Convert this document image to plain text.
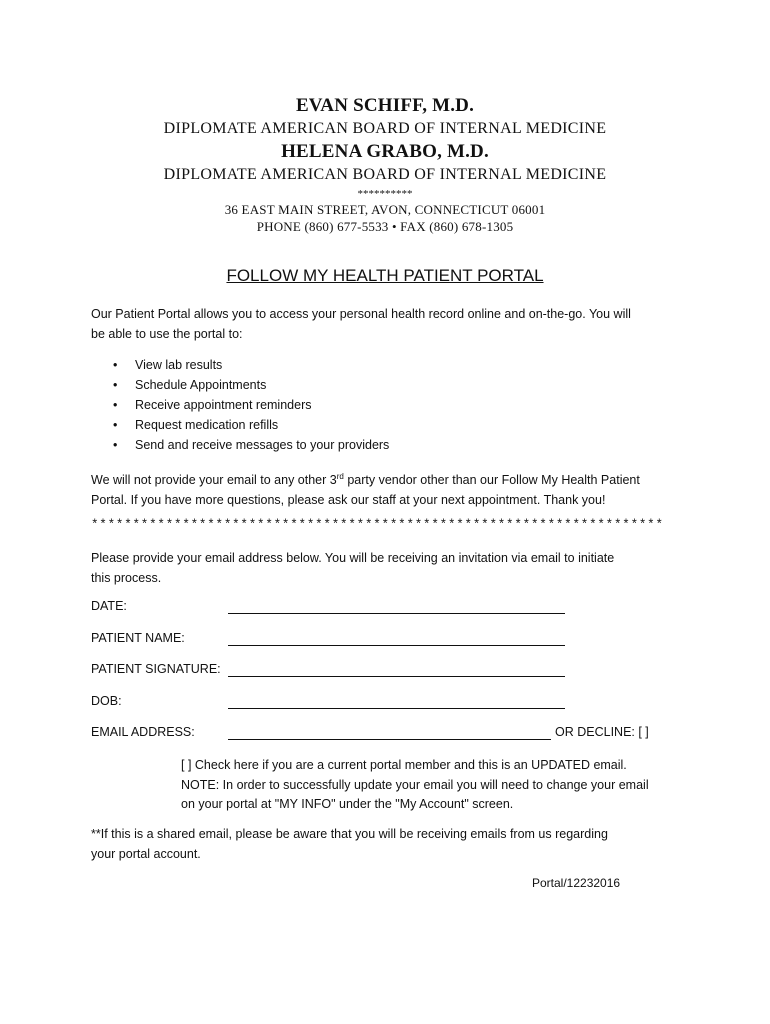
EVAN SCHIFF, M.D.
DIPLOMATE AMERICAN BOARD OF INTERNAL MEDICINE
HELENA GRABO, M.D.
DIPLOMATE AMERICAN BOARD OF INTERNAL MEDICINE
**********
36 EAST MAIN STREET, AVON, CONNECTICUT 06001
PHONE (860) 677-5533 • FAX (860) 678-1305
FOLLOW MY HEALTH PATIENT PORTAL
Our Patient Portal allows you to access your personal health record online and on-the-go. You will
be able to use the portal to:
• View lab results
• Schedule Appointments
• Receive appointment reminders
• Request medication refills
• Send and receive messages to your providers
We will not provide your email to any other 3rd party vendor other than our Follow My Health Patient
Portal. If you have more questions, please ask our staff at your next appointment. Thank you!
*********************************************************************
Please provide your email address below. You will be receiving an invitation via email to initiate
this process.
DATE:
PATIENT NAME:
PATIENT SIGNATURE:
DOB:
EMAIL ADDRESS:	OR DECLINE: [ ]
[ ] Check here if you are a current portal member and this is an UPDATED email.
NOTE: In order to successfully update your email you will need to change your email
on your portal at "MY INFO" under the "My Account" screen.
**If this is a shared email, please be aware that you will be receiving emails from us regarding
your portal account.
Portal/12232016
